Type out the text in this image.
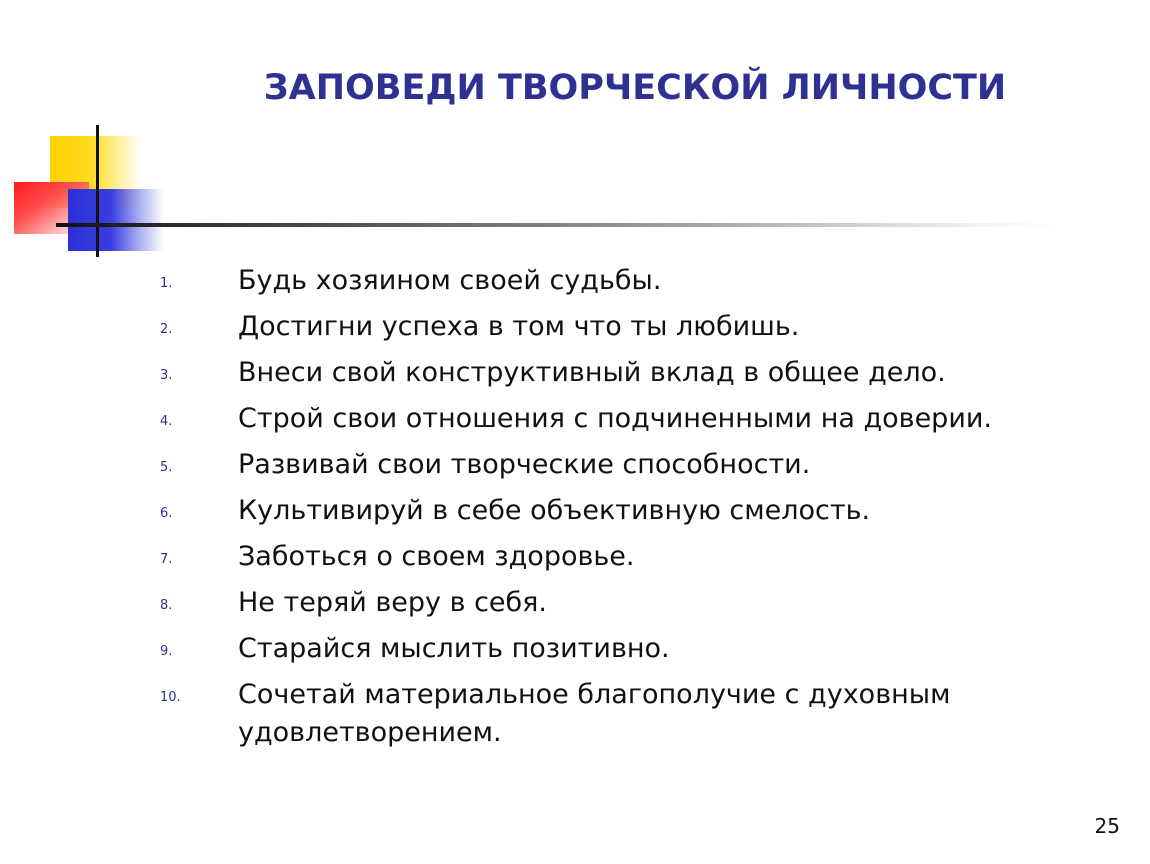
ЗАПОВЕДИ ТВОРЧЕСКОЙ ЛИЧНОСТИ
1. Будь хозяином своей судьбы.
2. Достигни успеха в том что ты любишь.
3. Внеси свой конструктивный вклад в общее дело.
4. Строй свои отношения с подчиненными на доверии.
5. Развивай свои творческие способности.
6. Культивируй в себе объективную смелость.
7. Заботься о своем здоровье.
8. Не теряй веру в себя.
9. Старайся мыслить позитивно.
10. Сочетай материальное благополучие с духовным удовлетворением.
25
